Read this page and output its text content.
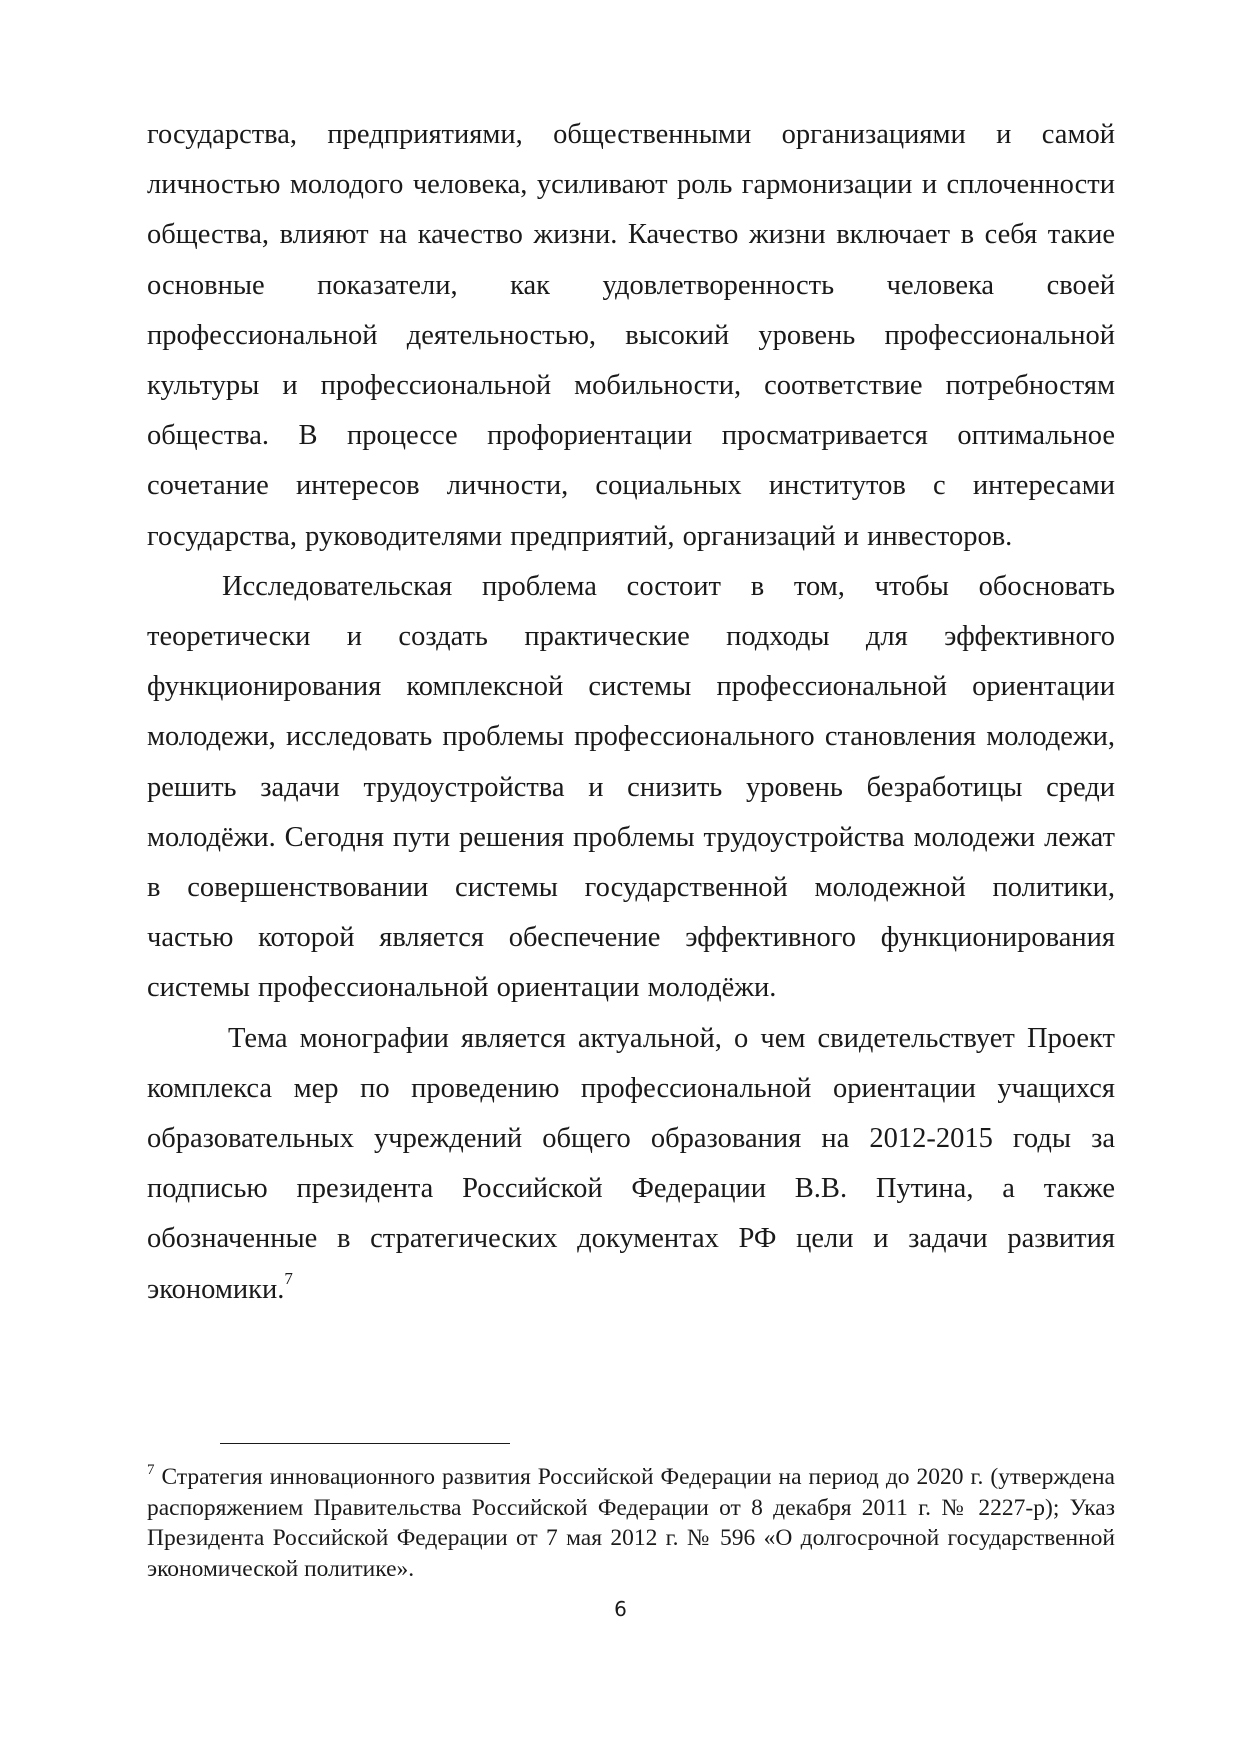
государства, предприятиями, общественными организациями и самой личностью молодого человека, усиливают роль гармонизации и сплоченности общества, влияют на качество жизни. Качество жизни включает в себя такие основные показатели, как удовлетворенность человека своей профессиональной деятельностью, высокий уровень профессиональной культуры и профессиональной мобильности, соответствие потребностям общества. В процессе профориентации просматривается оптимальное сочетание интересов личности, социальных институтов с интересами государства, руководителями предприятий, организаций и инвесторов.

Исследовательская проблема состоит в том, чтобы обосновать теоретически и создать практические подходы для эффективного функционирования комплексной системы профессиональной ориентации молодежи, исследовать проблемы профессионального становления молодежи, решить задачи трудоустройства и снизить уровень безработицы среди молодёжи. Сегодня пути решения проблемы трудоустройства молодежи лежат в совершенствовании системы государственной молодежной политики, частью которой является обеспечение эффективного функционирования системы профессиональной ориентации молодёжи.

Тема монографии является актуальной, о чем свидетельствует Проект комплекса мер по проведению профессиональной ориентации учащихся образовательных учреждений общего образования на 2012-2015 годы за подписью президента Российской Федерации В.В. Путина, а также обозначенные в стратегических документах РФ цели и задачи развития экономики.$^7$

$^7$ Стратегия инновационного развития Российской Федерации на период до 2020 г. (утверждена распоряжением Правительства Российской Федерации от 8 декабря 2011 г. № 2227-р); Указ Президента Российской Федерации от 7 мая 2012 г. № 596 «О долгосрочной государственной экономической политике».

6
